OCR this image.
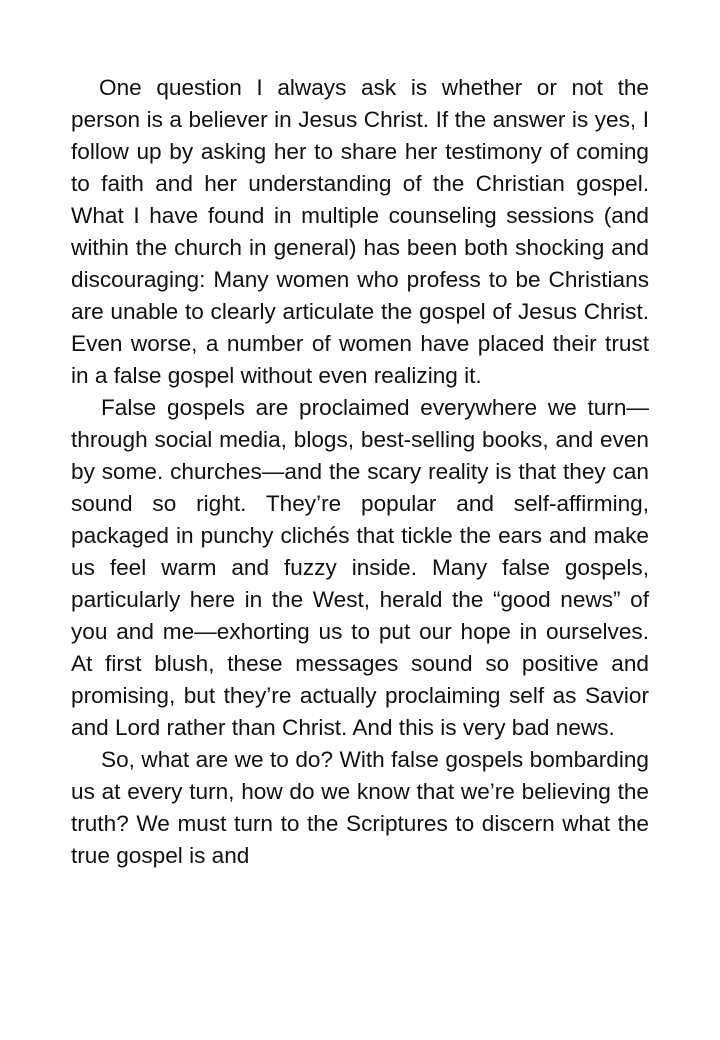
One question I always ask is whether or not the person is a believer in Jesus Christ. If the answer is yes, I follow up by asking her to share her testimony of coming to faith and her understanding of the Christian gospel. What I have found in multiple counseling sessions (and within the church in general) has been both shocking and discouraging: Many women who profess to be Christians are unable to clearly articulate the gospel of Jesus Christ. Even worse, a number of women have placed their trust in a false gospel without even realizing it.

False gospels are proclaimed everywhere we turn—through social media, blogs, best-selling books, and even by some. churches—and the scary reality is that they can sound so right. They’re popular and self-affirming, packaged in punchy clichés that tickle the ears and make us feel warm and fuzzy inside. Many false gospels, particularly here in the West, herald the “good news” of you and me—exhorting us to put our hope in ourselves. At first blush, these messages sound so positive and promising, but they’re actually proclaiming self as Savior and Lord rather than Christ. And this is very bad news.

So, what are we to do? With false gospels bombarding us at every turn, how do we know that we’re believing the truth? We must turn to the Scriptures to discern what the true gospel is and
